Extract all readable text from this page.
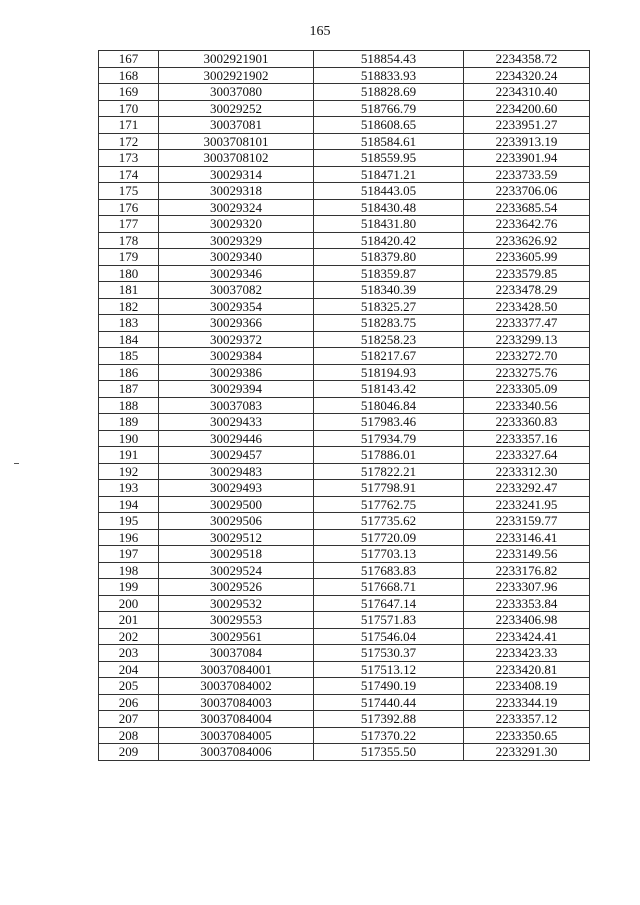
165
167	3002921901	518854.43	2234358.72
168	3002921902	518833.93	2234320.24
169	30037080	518828.69	2234310.40
170	30029252	518766.79	2234200.60
171	30037081	518608.65	2233951.27
172	3003708101	518584.61	2233913.19
173	3003708102	518559.95	2233901.94
174	30029314	518471.21	2233733.59
175	30029318	518443.05	2233706.06
176	30029324	518430.48	2233685.54
177	30029320	518431.80	2233642.76
178	30029329	518420.42	2233626.92
179	30029340	518379.80	2233605.99
180	30029346	518359.87	2233579.85
181	30037082	518340.39	2233478.29
182	30029354	518325.27	2233428.50
183	30029366	518283.75	2233377.47
184	30029372	518258.23	2233299.13
185	30029384	518217.67	2233272.70
186	30029386	518194.93	2233275.76
187	30029394	518143.42	2233305.09
188	30037083	518046.84	2233340.56
189	30029433	517983.46	2233360.83
190	30029446	517934.79	2233357.16
191	30029457	517886.01	2233327.64
192	30029483	517822.21	2233312.30
193	30029493	517798.91	2233292.47
194	30029500	517762.75	2233241.95
195	30029506	517735.62	2233159.77
196	30029512	517720.09	2233146.41
197	30029518	517703.13	2233149.56
198	30029524	517683.83	2233176.82
199	30029526	517668.71	2233307.96
200	30029532	517647.14	2233353.84
201	30029553	517571.83	2233406.98
202	30029561	517546.04	2233424.41
203	30037084	517530.37	2233423.33
204	30037084001	517513.12	2233420.81
205	30037084002	517490.19	2233408.19
206	30037084003	517440.44	2233344.19
207	30037084004	517392.88	2233357.12
208	30037084005	517370.22	2233350.65
209	30037084006	517355.50	2233291.30
